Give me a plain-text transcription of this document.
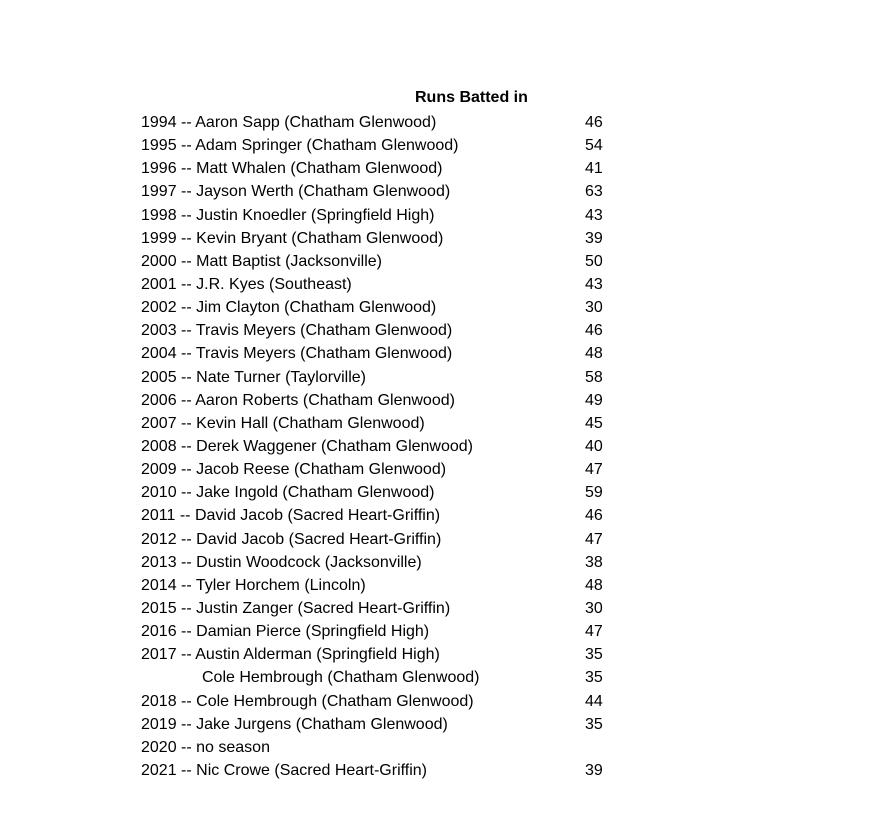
Runs Batted in
1994 -- Aaron Sapp (Chatham Glenwood)	46
1995 -- Adam Springer (Chatham Glenwood)	54
1996 -- Matt Whalen (Chatham Glenwood)	41
1997 -- Jayson Werth (Chatham Glenwood)	63
1998 -- Justin Knoedler (Springfield High)	43
1999 -- Kevin Bryant (Chatham Glenwood)	39
2000 -- Matt Baptist (Jacksonville)	50
2001 -- J.R. Kyes (Southeast)	43
2002 -- Jim Clayton (Chatham Glenwood)	30
2003 -- Travis Meyers (Chatham Glenwood)	46
2004 -- Travis Meyers (Chatham Glenwood)	48
2005 -- Nate Turner (Taylorville)	58
2006 -- Aaron Roberts (Chatham Glenwood)	49
2007 -- Kevin Hall (Chatham Glenwood)	45
2008 -- Derek Waggener (Chatham Glenwood)	40
2009 -- Jacob Reese (Chatham Glenwood)	47
2010 -- Jake Ingold (Chatham Glenwood)	59
2011 -- David Jacob (Sacred Heart-Griffin)	46
2012 -- David Jacob (Sacred Heart-Griffin)	47
2013 -- Dustin Woodcock (Jacksonville)	38
2014 -- Tyler Horchem (Lincoln)	48
2015 -- Justin Zanger (Sacred Heart-Griffin)	30
2016 -- Damian Pierce (Springfield High)	47
2017 -- Austin Alderman (Springfield High)	35
Cole Hembrough (Chatham Glenwood)	35
2018 -- Cole Hembrough (Chatham Glenwood)	44
2019 -- Jake Jurgens (Chatham Glenwood)	35
2020 -- no season
2021 -- Nic Crowe (Sacred Heart-Griffin)	39
